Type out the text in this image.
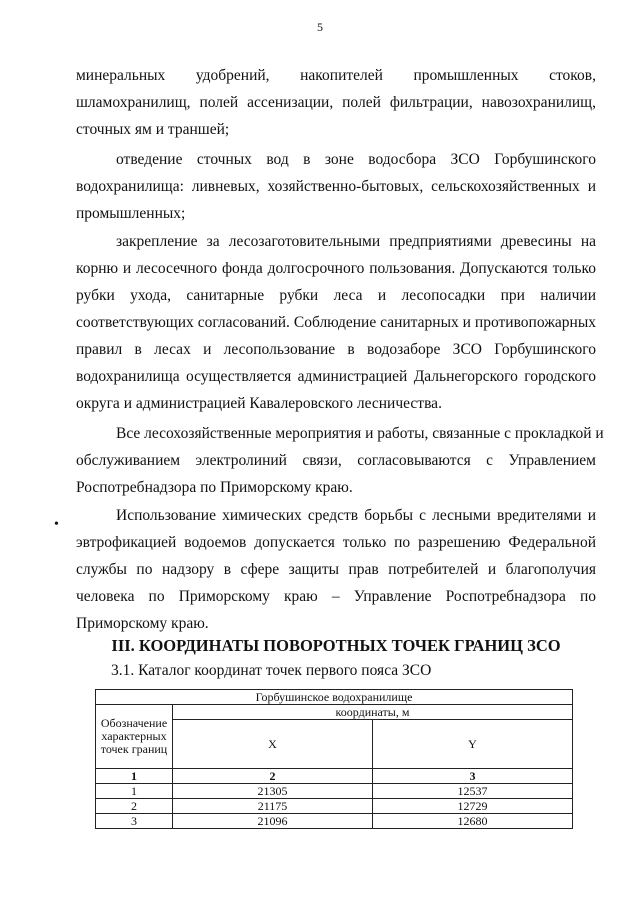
5
минеральных удобрений, накопителей промышленных стоков,
шламохранилищ, полей ассенизации, полей фильтрации, навозохранилищ,
сточных ям и траншей;
отведение сточных вод в зоне водосбора ЗСО Горбушинского
водохранилища: ливневых, хозяйственно-бытовых, сельскохозяйственных и
промышленных;
закрепление за лесозаготовительными предприятиями древесины на
корню и лесосечного фонда долгосрочного пользования. Допускаются только
рубки ухода, санитарные рубки леса и лесопосадки при наличии
соответствующих согласований. Соблюдение санитарных и противопожарных
правил в лесах и лесопользование в водозаборе ЗСО Горбушинского
водохранилища осуществляется администрацией Дальнегорского городского
округа и администрацией Кавалеровского лесничества.
Все лесохозяйственные мероприятия и работы, связанные с прокладкой и
обслуживанием электролиний связи, согласовываются с Управлением
Роспотребнадзора по Приморскому краю.
•
Использование химических средств борьбы с лесными вредителями и
эвтрофикацией водоемов допускается только по разрешению Федеральной
службы по надзору в сфере защиты прав потребителей и благополучия
человека по Приморскому краю – Управление Роспотребнадзора по
Приморскому краю.
III. КООРДИНАТЫ ПОВОРОТНЫХ ТОЧЕК ГРАНИЦ ЗСО
3.1. Каталог координат точек первого пояса ЗСО
Горбушинское водохранилище		
Обозначение характерных точек границ	координаты, м	
	X	Y
1	2	3
1	21305	12537
2	21175	12729
3	21096	12680
